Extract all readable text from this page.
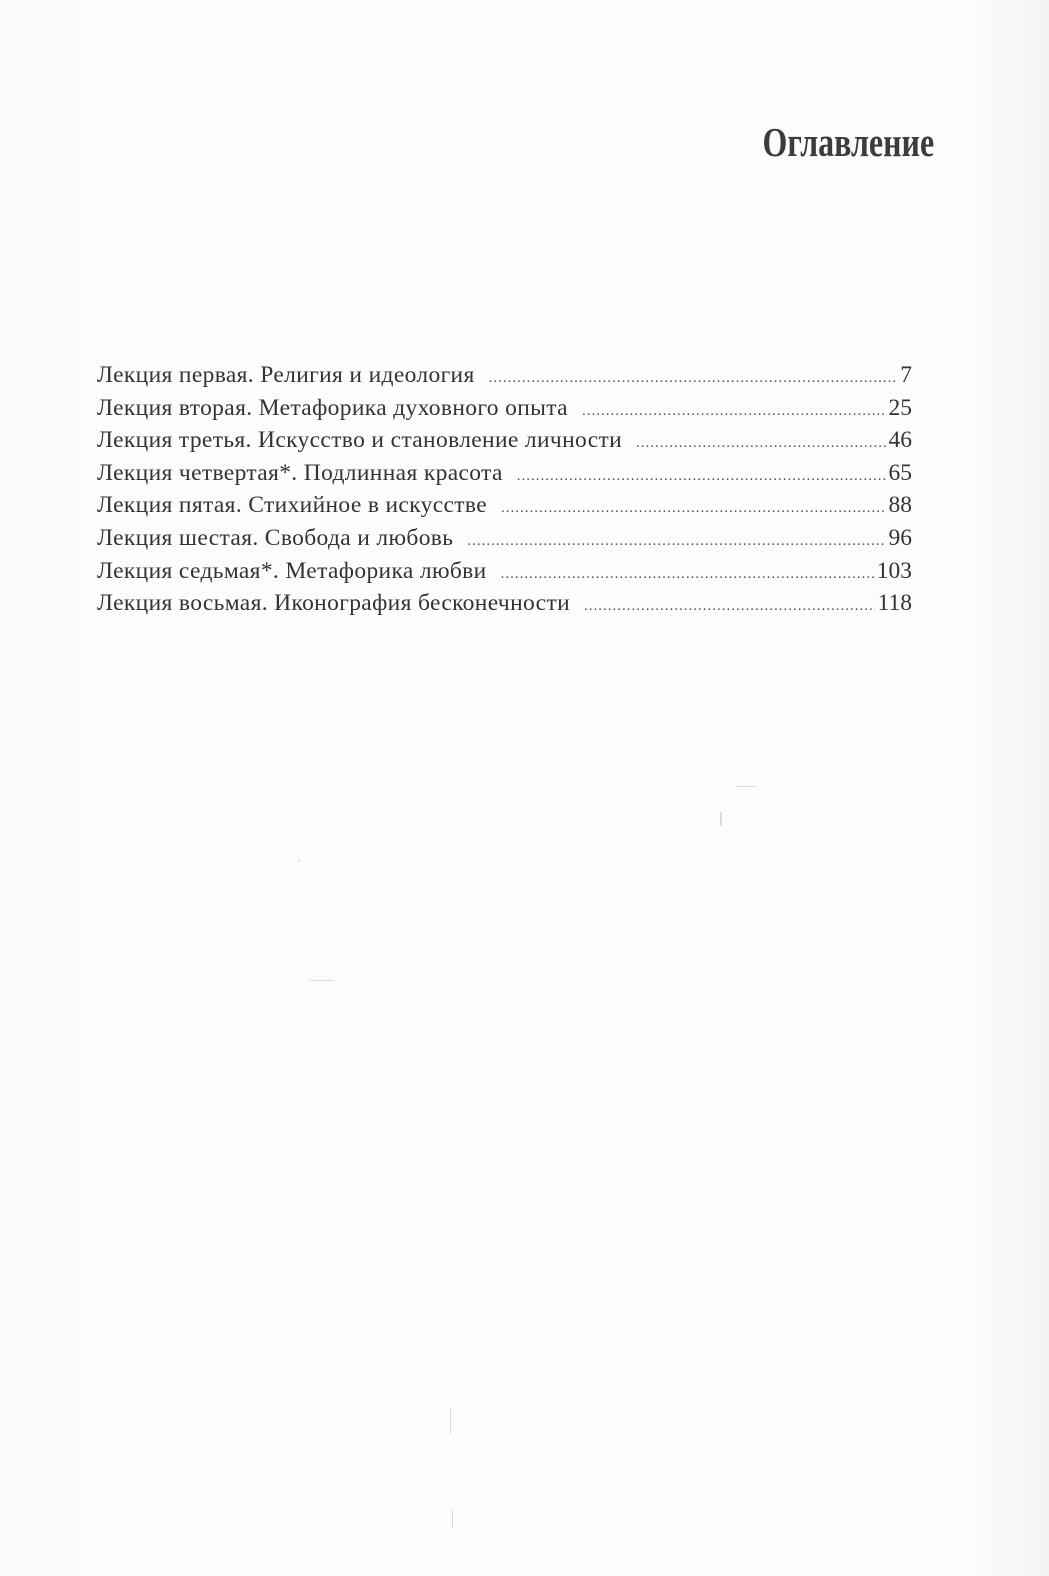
Оглавление
Лекция первая. Религия и идеология .....	7
Лекция вторая. Метафорика духовного опыта .....	25
Лекция третья. Искусство и становление личности .....	46
Лекция четвертая*. Подлинная красота .....	65
Лекция пятая. Стихийное в искусстве .....	88
Лекция шестая. Свобода и любовь .....	96
Лекция седьмая*. Метафорика любви .....	103
Лекция восьмая. Иконография бесконечности .....	118
